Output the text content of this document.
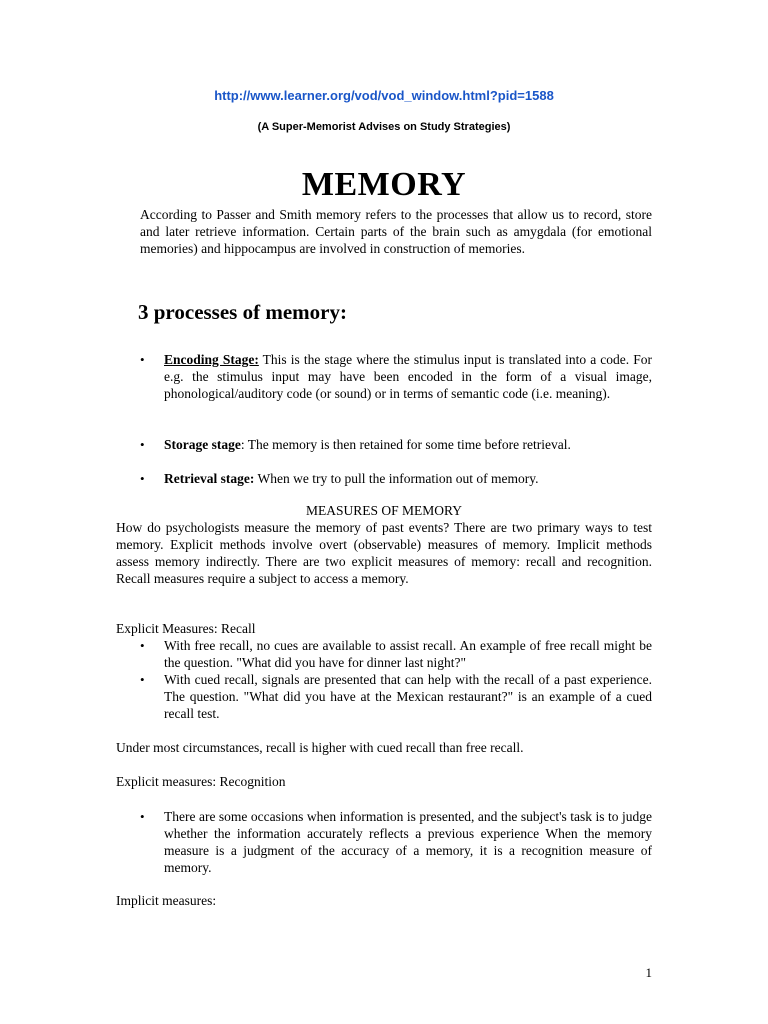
http://www.learner.org/vod/vod_window.html?pid=1588
(A Super-Memorist Advises on Study Strategies)
MEMORY

According to Passer and Smith memory refers to the processes that allow us to record, store and later retrieve information. Certain parts of the brain such as amygdala (for emotional memories) and hippocampus are involved in construction of memories.

3 processes of memory:
• Encoding Stage: This is the stage where the stimulus input is translated into a code. For e.g. the stimulus input may have been encoded in the form of a visual image, phonological/auditory code (or sound) or in terms of semantic code (i.e. meaning).
• Storage stage: The memory is then retained for some time before retrieval.
• Retrieval stage: When we try to pull the information out of memory.
MEASURES OF MEMORY

How do psychologists measure the memory of past events? There are two primary ways to test memory. Explicit methods involve overt (observable) measures of memory. Implicit methods assess memory indirectly. There are two explicit measures of memory: recall and recognition. Recall measures require a subject to access a memory.

Explicit Measures: Recall

• With free recall, no cues are available to assist recall. An example of free recall might be the question. "What did you have for dinner last night?"
• With cued recall, signals are presented that can help with the recall of a past experience. The question. "What did you have at the Mexican restaurant?" is an example of a cued recall test.

Under most circumstances, recall is higher with cued recall than free recall.

Explicit measures: Recognition

• There are some occasions when information is presented, and the subject's task is to judge whether the information accurately reflects a previous experience When the memory measure is a judgment of the accuracy of a memory, it is a recognition measure of memory.

Implicit measures:

1
